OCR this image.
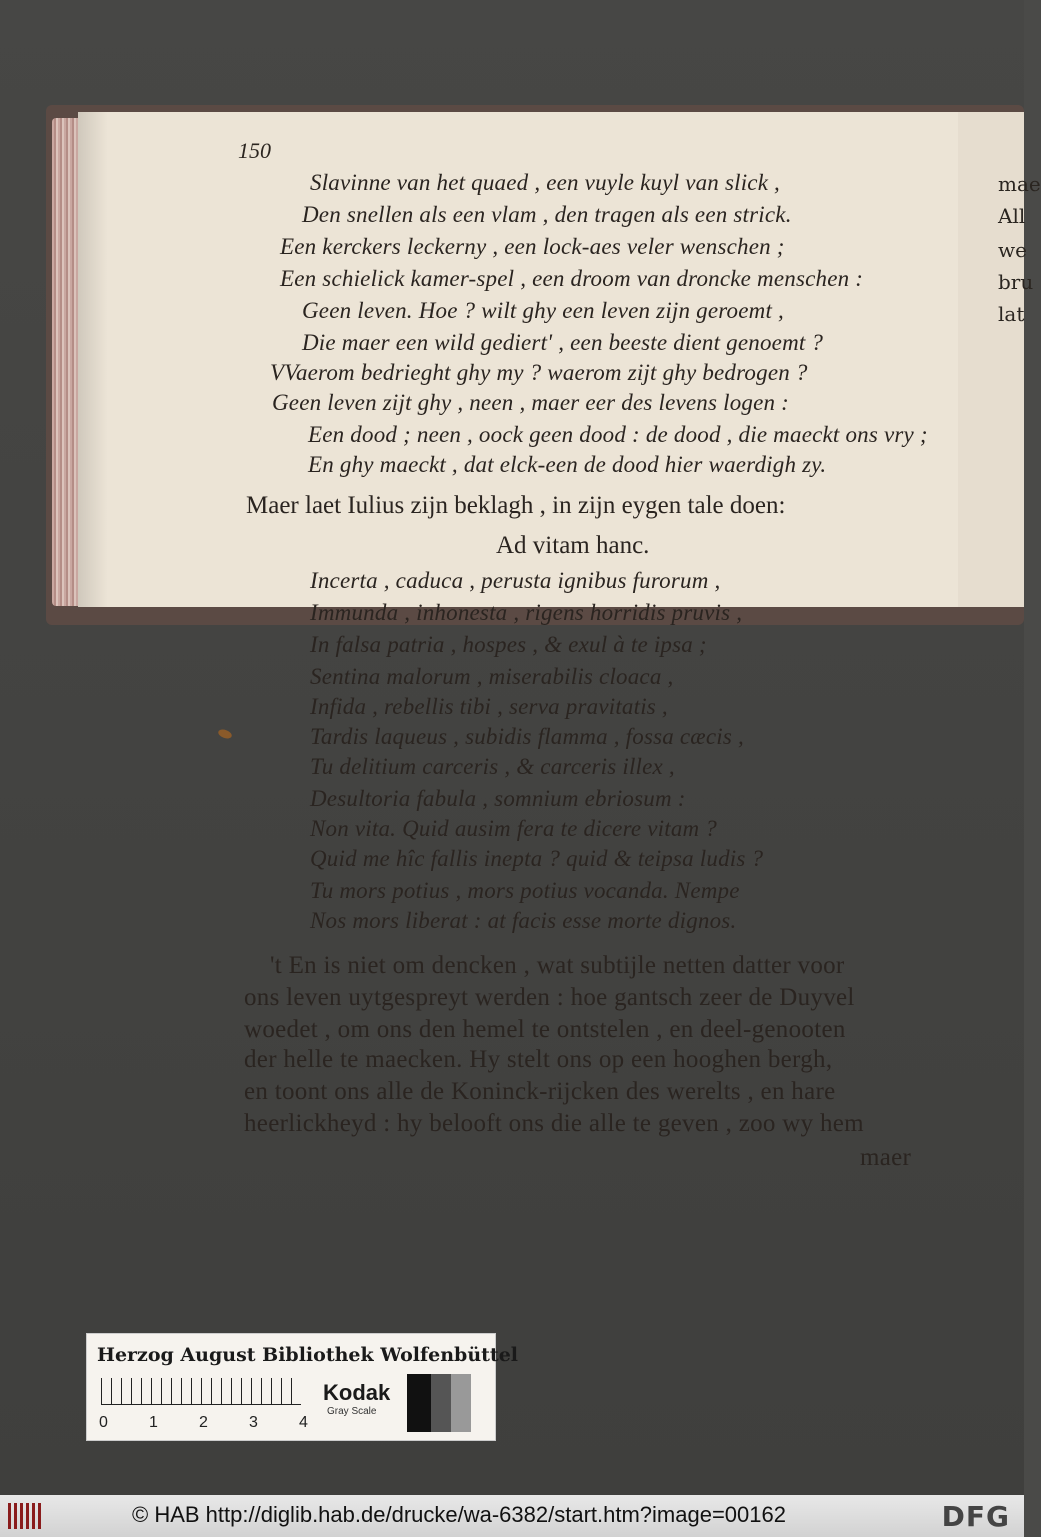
mae
All
we
bru
lat
150
Slavinne van het quaed , een vuyle kuyl van slick ,
Den snellen als een vlam , den tragen als een strick.
Een kerckers leckerny , een lock-aes veler wenschen ;
Een schielick kamer-spel , een droom van droncke menschen :
Geen leven. Hoe ? wilt ghy een leven zijn geroemt ,
Die maer een wild gediert' , een beeste dient genoemt ?
VVaerom bedrieght ghy my ? waerom zijt ghy bedrogen ?
Geen leven zijt ghy , neen , maer eer des levens logen :
Een dood ; neen , oock geen dood : de dood , die maeckt ons vry ;
En ghy maeckt , dat elck-een de dood hier waerdigh zy.
Maer laet Iulius zijn beklagh , in zijn eygen tale doen:
Ad vitam hanc.
Incerta , caduca , perusta ignibus furorum ,
Immunda , inhonesta , rigens horridis pruvis ,
In falsa patria , hospes , & exul à te ipsa ;
Sentina malorum , miserabilis cloaca ,
Infida , rebellis tibi , serva pravitatis ,
Tardis laqueus , subidis flamma , fossa cæcis ,
Tu delitium carceris , & carceris illex ,
Desultoria fabula , somnium ebriosum :
Non vita. Quid ausim fera te dicere vitam ?
Quid me hîc fallis inepta ? quid & teipsa ludis ?
Tu mors potius , mors potius vocanda. Nempe
Nos mors liberat : at facis esse morte dignos.
't En is niet om dencken , wat subtijle netten datter voor
ons leven uytgespreyt werden : hoe gantsch zeer de Duyvel
woedet , om ons den hemel te ontstelen , en deel-genooten
der helle te maecken. Hy stelt ons op een hooghen bergh,
en toont ons alle de Koninck-rijcken des werelts , en hare
heerlickheyd : hy belooft ons die alle te geven , zoo wy hem
maer
Herzog August Bibliothek Wolfenbüttel
0	1	2	3	4
Kodak
Gray Scale
© HAB http://diglib.hab.de/drucke/wa-6382/start.htm?image=00162	DFG
